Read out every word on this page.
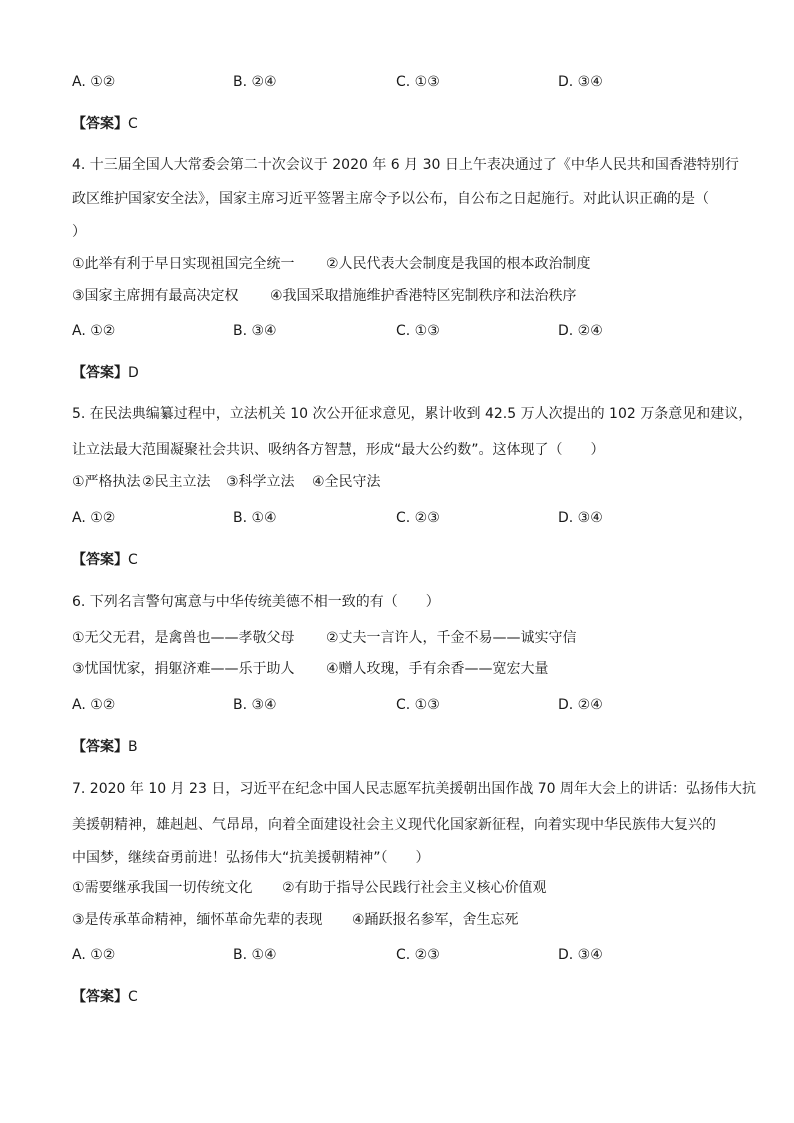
A. ①②	B. ②④	C. ①③	D. ③④
【答案】C
4. 十三届全国人大常委会第二十次会议于 2020 年 6 月 30 日上午表决通过了《中华人民共和国香港特别行
政区维护国家安全法》，国家主席习近平签署主席令予以公布，自公布之日起施行。对此认识正确的是（
）
①此举有利于早日实现祖国完全统一 ②人民代表大会制度是我国的根本政治制度
③国家主席拥有最高决定权 ④我国采取措施维护香港特区宪制秩序和法治秩序
A. ①②	B. ③④	C. ①③	D. ②④
【答案】D
5. 在民法典编纂过程中，立法机关 10 次公开征求意见，累计收到 42.5 万人次提出的 102 万条意见和建议，
让立法最大范围凝聚社会共识、吸纳各方智慧，形成“最大公约数”。这体现了（　　）
①严格执法②民主立法 ③科学立法 ④全民守法
A. ①②	B. ①④	C. ②③	D. ③④
【答案】C
6. 下列名言警句寓意与中华传统美德不相一致的有（　　）
①无父无君，是禽兽也——孝敬父母 ②丈夫一言许人，千金不易——诚实守信
③忧国忧家，捐躯济难——乐于助人 ④赠人玫瑰，手有余香——宽宏大量
A. ①②	B. ③④	C. ①③	D. ②④
【答案】B
7. 2020 年 10 月 23 日，习近平在纪念中国人民志愿军抗美援朝出国作战 70 周年大会上的讲话：弘扬伟大抗
美援朝精神，雄赳赳、气昂昂，向着全面建设社会主义现代化国家新征程，向着实现中华民族伟大复兴的
中国梦，继续奋勇前进！弘扬伟大“抗美援朝精神”（　　）
①需要继承我国一切传统文化 ②有助于指导公民践行社会主义核心价值观
③是传承革命精神，缅怀革命先辈的表现 ④踊跃报名参军，舍生忘死
A. ①②	B. ①④	C. ②③	D. ③④
【答案】C
